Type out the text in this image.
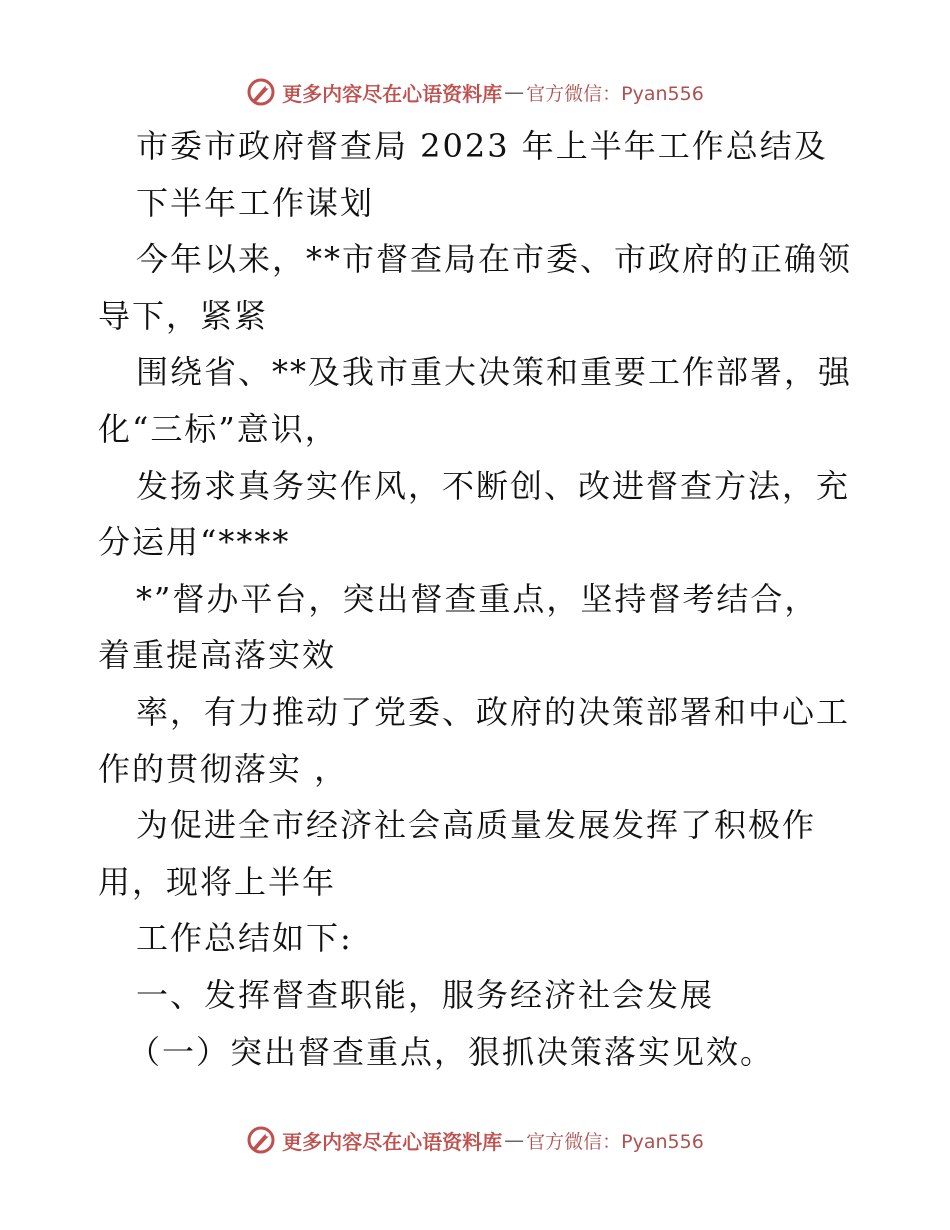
更多内容尽在心语资料库 — 官方微信：Pyan556
市委市政府督查局 2023 年上半年工作总结及
下半年工作谋划
今年以来，**市督查局在市委、市政府的正确领
导下，紧紧
围绕省、**及我市重大决策和重要工作部署，强
化“三标”意识，
发扬求真务实作风，不断创、改进督查方法，充
分运用“****
*”督办平台，突出督查重点，坚持督考结合，
着重提高落实效
率，有力推动了党委、政府的决策部署和中心工
作的贯彻落实 ，
为促进全市经济社会高质量发展发挥了积极作
用，现将上半年
工作总结如下:
一、发挥督查职能，服务经济社会发展
（一）突出督查重点，狠抓决策落实见效。
更多内容尽在心语资料库 — 官方微信：Pyan556
